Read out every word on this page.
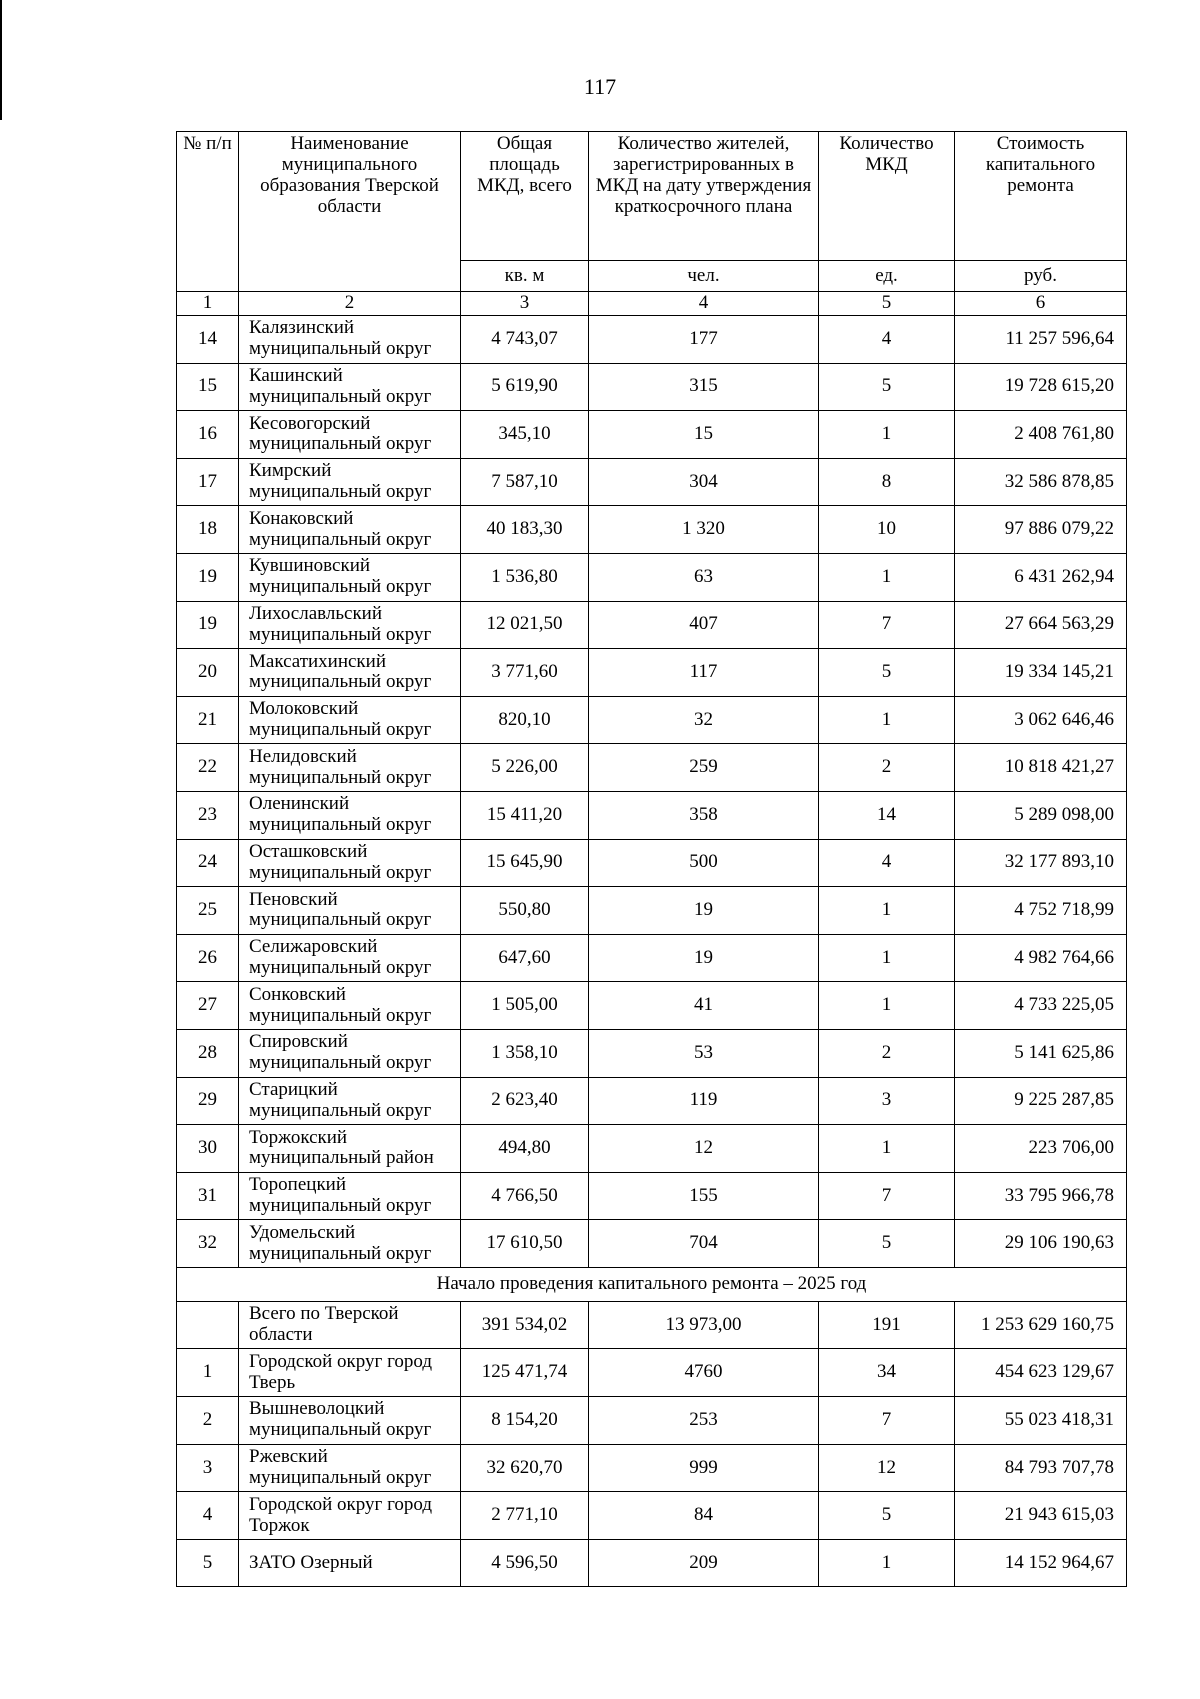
117
№ п/п	Наименование муниципального образования Тверской области	Общая площадь МКД, всего	Количество жителей, зарегистрированных в МКД на дату утверждения краткосрочного плана	Количество МКД	Стоимость капитального ремонта
		кв. м	чел.	ед.	руб.
1	2	3	4	5	6
14	Калязинский муниципальный округ	4 743,07	177	4	11 257 596,64
15	Кашинский муниципальный округ	5 619,90	315	5	19 728 615,20
16	Кесовогорский муниципальный округ	345,10	15	1	2 408 761,80
17	Кимрский муниципальный округ	7 587,10	304	8	32 586 878,85
18	Конаковский муниципальный округ	40 183,30	1 320	10	97 886 079,22
19	Кувшиновский муниципальный округ	1 536,80	63	1	6 431 262,94
19	Лихославльский муниципальный округ	12 021,50	407	7	27 664 563,29
20	Максатихинский муниципальный округ	3 771,60	117	5	19 334 145,21
21	Молоковский муниципальный округ	820,10	32	1	3 062 646,46
22	Нелидовский муниципальный округ	5 226,00	259	2	10 818 421,27
23	Оленинский муниципальный округ	15 411,20	358	14	5 289 098,00
24	Осташковский муниципальный округ	15 645,90	500	4	32 177 893,10
25	Пеновский муниципальный округ	550,80	19	1	4 752 718,99
26	Селижаровский муниципальный округ	647,60	19	1	4 982 764,66
27	Сонковский муниципальный округ	1 505,00	41	1	4 733 225,05
28	Спировский муниципальный округ	1 358,10	53	2	5 141 625,86
29	Старицкий муниципальный округ	2 623,40	119	3	9 225 287,85
30	Торжокский муниципальный район	494,80	12	1	223 706,00
31	Торопецкий муниципальный округ	4 766,50	155	7	33 795 966,78
32	Удомельский муниципальный округ	17 610,50	704	5	29 106 190,63
Начало проведения капитального ремонта – 2025 год					
	Всего по Тверской области	391 534,02	13 973,00	191	1 253 629 160,75
1	Городской округ город Тверь	125 471,74	4760	34	454 623 129,67
2	Вышневолоцкий муниципальный округ	8 154,20	253	7	55 023 418,31
3	Ржевский муниципальный округ	32 620,70	999	12	84 793 707,78
4	Городской округ город Торжок	2 771,10	84	5	21 943 615,03
5	ЗАТО Озерный	4 596,50	209	1	14 152 964,67
